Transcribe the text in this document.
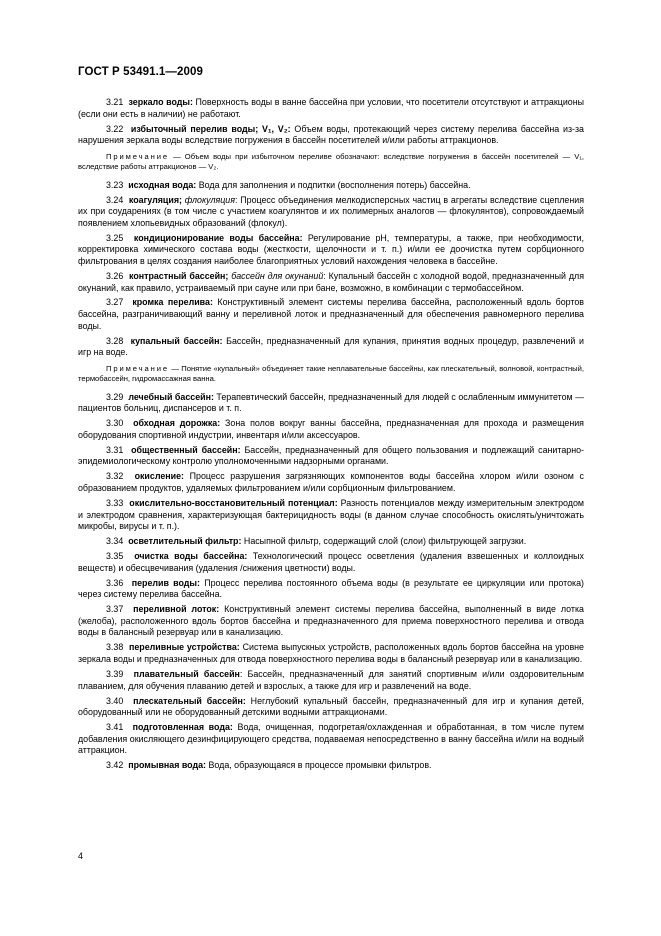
ГОСТ Р 53491.1—2009

3.21 зеркало воды: Поверхность воды в ванне бассейна при условии, что посетители отсутствуют и аттракционы (если они есть в наличии) не работают.

3.22 избыточный перелив воды; V₁, V₂: Объем воды, протекающий через систему перелива бассейна из-за нарушения зеркала воды вследствие погружения в бассейн посетителей и/или работы аттракционов.

Примечание — Объем воды при избыточном переливе обозначают: вследствие погружения в бассейн посетителей — V₁, вследствие работы аттракционов — V₂.

3.23 исходная вода: Вода для заполнения и подпитки (восполнения потерь) бассейна.

3.24 коагуляция; флокуляция: Процесс объединения мелкодисперсных частиц в агрегаты вследствие сцепления их при соударениях (в том числе с участием коагулянтов и их полимерных аналогов — флокулянтов), сопровождаемый появлением хлопьевидных образований (флокул).

3.25 кондиционирование воды бассейна: Регулирование pH, температуры, а также, при необходимости, корректировка химического состава воды (жесткости, щелочности и т. п.) и/или ее доочистка путем сорбционного фильтрования в целях создания наиболее благоприятных условий нахождения человека в бассейне.

3.26 контрастный бассейн; бассейн для окунаний: Купальный бассейн с холодной водой, предназначенный для окунаний, как правило, устраиваемый при сауне или при бане, возможно, в комбинации с термобассейном.

3.27 кромка перелива: Конструктивный элемент системы перелива бассейна, расположенный вдоль бортов бассейна, разграничивающий ванну и переливной лоток и предназначенный для обеспечения равномерного перелива воды.

3.28 купальный бассейн: Бассейн, предназначенный для купания, принятия водных процедур, развлечений и игр на воде.

Примечание — Понятие «купальный» объединяет такие неплавательные бассейны, как плескательный, волновой, контрастный, термобассейн, гидромассажная ванна.

3.29 лечебный бассейн: Терапевтический бассейн, предназначенный для людей с ослабленным иммунитетом — пациентов больниц, диспансеров и т. п.

3.30 обходная дорожка: Зона полов вокруг ванны бассейна, предназначенная для прохода и размещения оборудования спортивной индустрии, инвентаря и/или аксессуаров.

3.31 общественный бассейн: Бассейн, предназначенный для общего пользования и подлежащий санитарно-эпидемиологическому контролю уполномоченными надзорными органами.

3.32 окисление: Процесс разрушения загрязняющих компонентов воды бассейна хлором и/или озоном с образованием продуктов, удаляемых фильтрованием и/или сорбционным фильтрованием.

3.33 окислительно-восстановительный потенциал: Разность потенциалов между измерительным электродом и электродом сравнения, характеризующая бактерицидность воды (в данном случае способность окислять/уничтожать микробы, вирусы и т. п.).

3.34 осветлительный фильтр: Насыпной фильтр, содержащий слой (слои) фильтрующей загрузки.

3.35 очистка воды бассейна: Технологический процесс осветления (удаления взвешенных и коллоидных веществ) и обесцвечивания (удаления /снижения цветности) воды.

3.36 перелив воды: Процесс перелива постоянного объема воды (в результате ее циркуляции или протока) через систему перелива бассейна.

3.37 переливной лоток: Конструктивный элемент системы перелива бассейна, выполненный в виде лотка (желоба), расположенного вдоль бортов бассейна и предназначенного для приема поверхностного перелива и отвода воды в балансный резервуар или в канализацию.

3.38 переливные устройства: Система выпускных устройств, расположенных вдоль бортов бассейна на уровне зеркала воды и предназначенных для отвода поверхностного перелива воды в балансный резервуар или в канализацию.

3.39 плавательный бассейн: Бассейн, предназначенный для занятий спортивным и/или оздоровительным плаванием, для обучения плаванию детей и взрослых, а также для игр и развлечений на воде.

3.40 плескательный бассейн: Неглубокий купальный бассейн, предназначенный для игр и купания детей, оборудованный или не оборудованный детскими водными аттракционами.

3.41 подготовленная вода: Вода, очищенная, подогретая/охлажденная и обработанная, в том числе путем добавления окисляющего дезинфицирующего средства, подаваемая непосредственно в ванну бассейна и/или на водный аттракцион.

3.42 промывная вода: Вода, образующаяся в процессе промывки фильтров.

4
